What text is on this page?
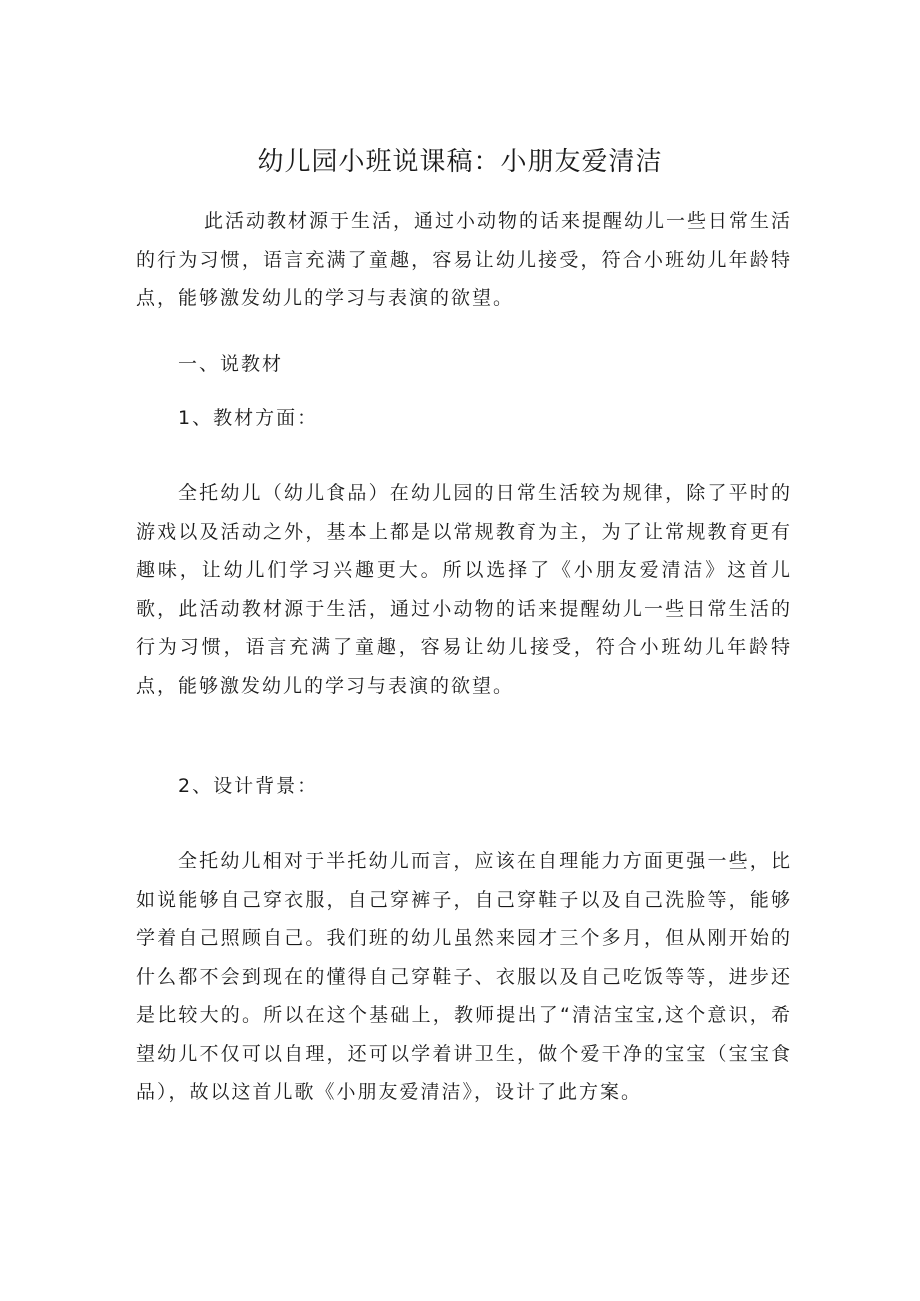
幼儿园小班说课稿：小朋友爱清洁

此活动教材源于生活，通过小动物的话来提醒幼儿一些日常生活的行为习惯，语言充满了童趣，容易让幼儿接受，符合小班幼儿年龄特点，能够激发幼儿的学习与表演的欲望。

一、说教材

1、教材方面：

全托幼儿（幼儿食品）在幼儿园的日常生活较为规律，除了平时的游戏以及活动之外，基本上都是以常规教育为主，为了让常规教育更有趣味，让幼儿们学习兴趣更大。所以选择了《小朋友爱清洁》这首儿歌，此活动教材源于生活，通过小动物的话来提醒幼儿一些日常生活的行为习惯，语言充满了童趣，容易让幼儿接受，符合小班幼儿年龄特点，能够激发幼儿的学习与表演的欲望。

2、设计背景：

全托幼儿相对于半托幼儿而言，应该在自理能力方面更强一些，比如说能够自己穿衣服，自己穿裤子，自己穿鞋子以及自己洗脸等，能够学着自己照顾自己。我们班的幼儿虽然来园才三个多月，但从刚开始的什么都不会到现在的懂得自己穿鞋子、衣服以及自己吃饭等等，进步还是比较大的。所以在这个基础上，教师提出了“清洁宝宝,这个意识，希望幼儿不仅可以自理，还可以学着讲卫生，做个爱干净的宝宝（宝宝食品），故以这首儿歌《小朋友爱清洁》，设计了此方案。
